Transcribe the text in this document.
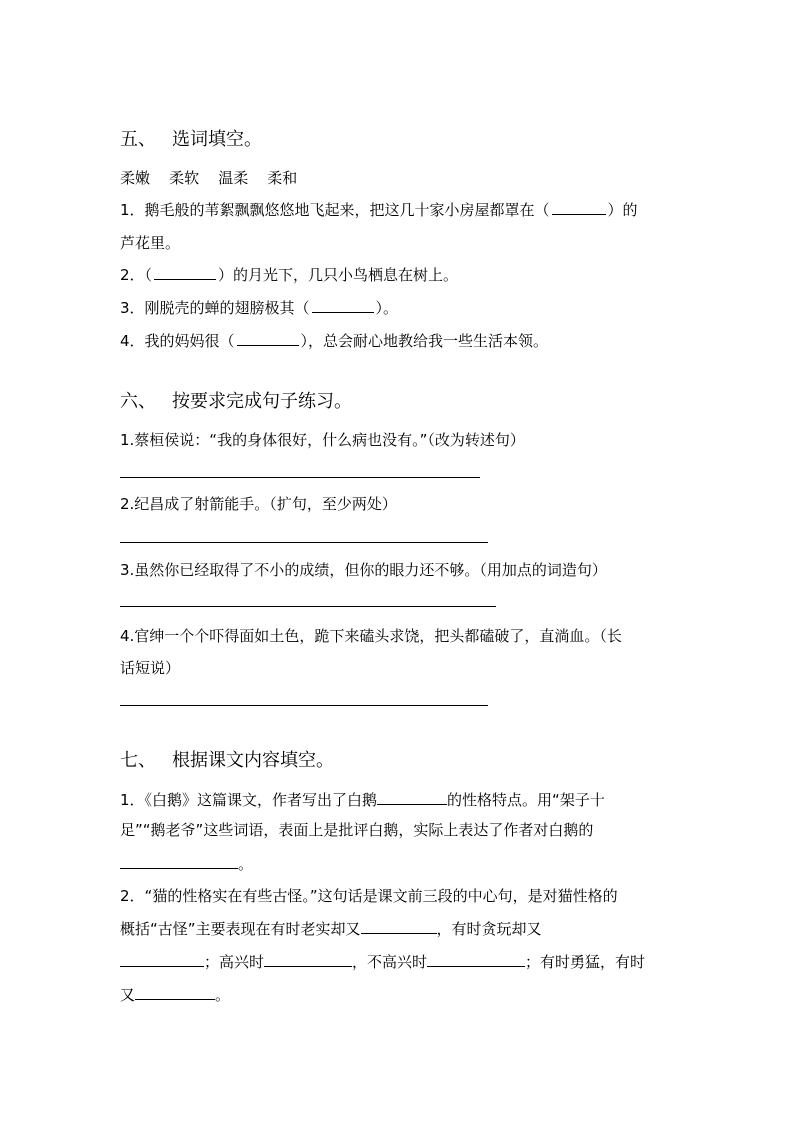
五、 选词填空。
柔嫩 柔软 温柔 柔和
1．鹅毛般的苇絮飘飘悠悠地飞起来，把这几十家小房屋都罩在（	）的
芦花里。
2．（	）的月光下，几只小鸟栖息在树上。
3．刚脱壳的蝉的翅膀极其（	）。
4．我的妈妈很（	），总会耐心地教给我一些生活本领。
六、 按要求完成句子练习。
1.蔡桓侯说：“我的身体很好，什么病也没有。”（改为转述句）
2.纪昌成了射箭能手。（扩句，至少两处）
3.虽然你已经取得了不小的成绩，但你的眼力还不够。（用加点的词造句）
4.官绅一个个吓得面如土色，跪下来磕头求饶，把头都磕破了，直淌血。（长
话短说）
七、 根据课文内容填空。
1．《白鹅》这篇课文，作者写出了白鹅	的性格特点。用“架子十
足”“鹅老爷”这些词语，表面上是批评白鹅，实际上表达了作者对白鹅的
。
2．“猫的性格实在有些古怪。”这句话是课文前三段的中心句，是对猫性格的
概括“古怪”主要表现在有时老实却又	，有时贪玩却又
；高兴时	，不高兴时	；有时勇猛，有时
又	。
